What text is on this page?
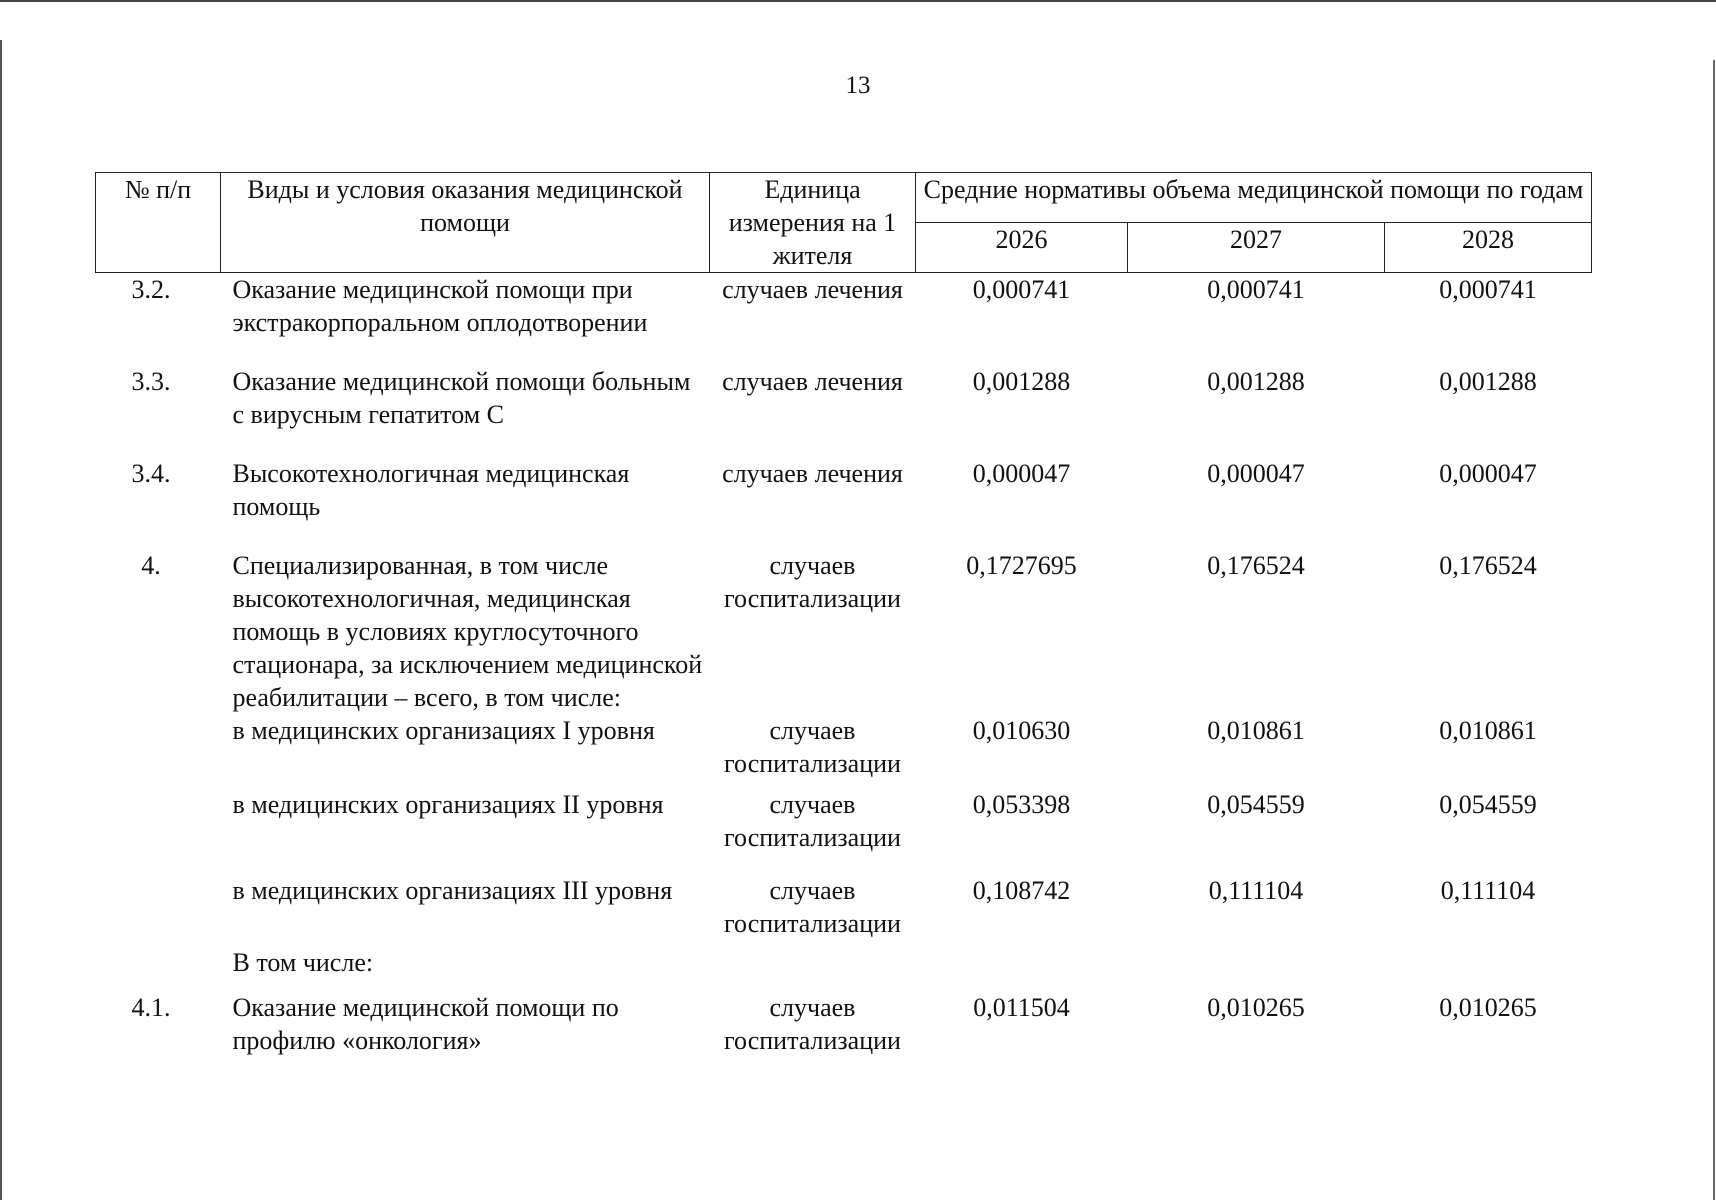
13
№ п/п	Виды и условия оказания медицинской помощи	Единица измерения на 1 жителя	Средние нормативы объема медицинской помощи по годам		
			2026	2027	2028
3.2.	Оказание медицинской помощи при экстракорпоральном оплодотворении	случаев лечения	0,000741	0,000741	0,000741

3.3.	Оказание медицинской помощи больным с вирусным гепатитом С	случаев лечения	0,001288	0,001288	0,001288

3.4.	Высокотехнологичная медицинская помощь	случаев лечения	0,000047	0,000047	0,000047

4.	Специализированная, в том числе высокотехнологичная, медицинская помощь в условиях круглосуточного стационара, за исключением медицинской реабилитации – всего, в том числе:	случаев госпитализации	0,1727695	0,176524	0,176524
	в медицинских организациях I уровня	случаев госпитализации	0,010630	0,010861	0,010861

	в медицинских организациях II уровня	случаев госпитализации	0,053398	0,054559	0,054559

	в медицинских организациях III уровня	случаев госпитализации	0,108742	0,111104	0,111104
	В том числе:				

4.1.	Оказание медицинской помощи по профилю «онкология»	случаев госпитализации	0,011504	0,010265	0,010265
